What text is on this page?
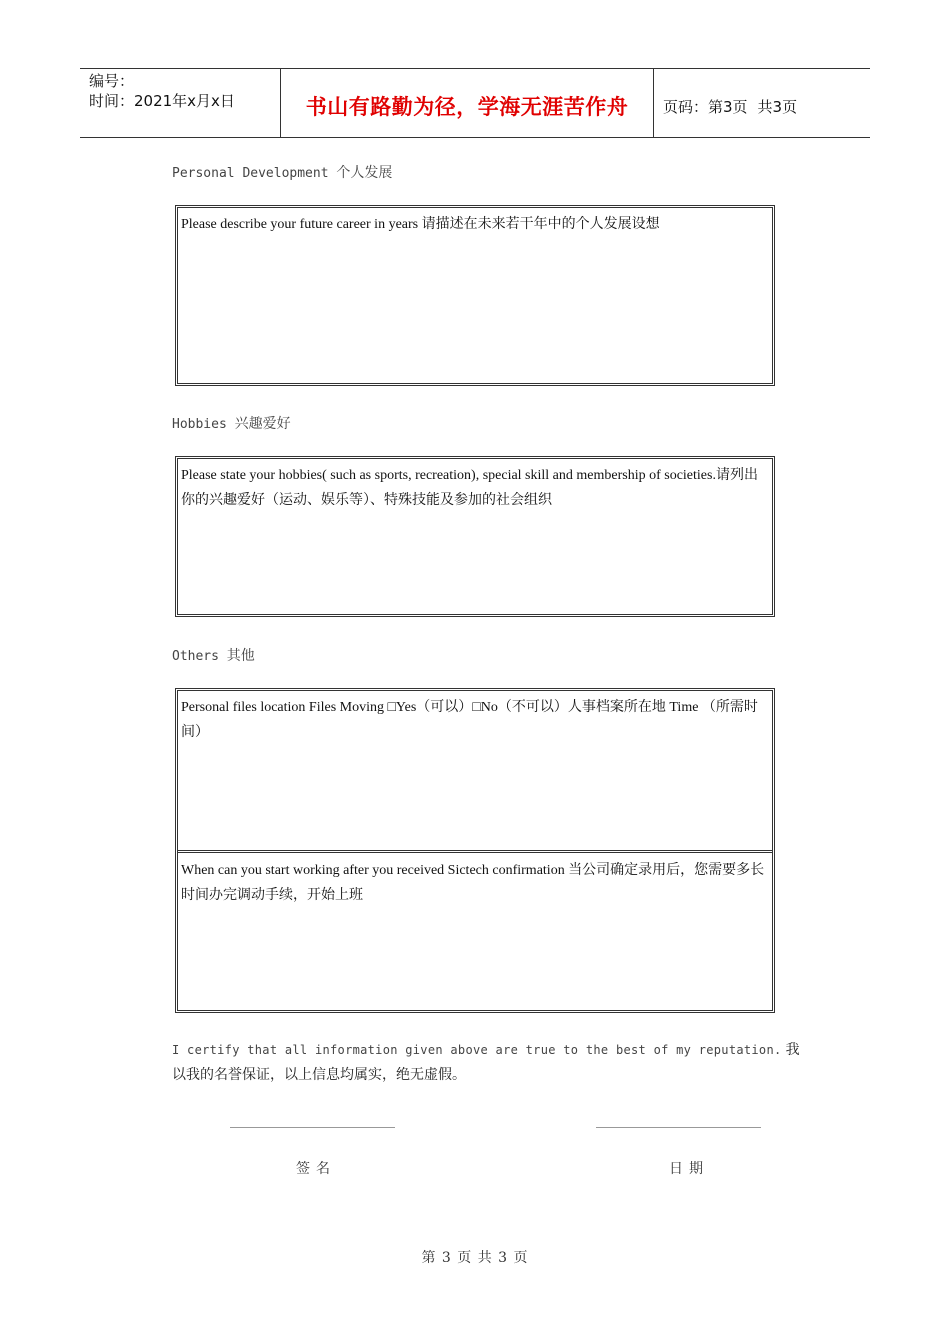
编号：
时间：2021年x月x日	书山有路勤为径，学海无涯苦作舟	页码：第3页 共3页
Personal Development 个人发展
Please describe your future career in years 请描述在未来若干年中的个人发展设想
Hobbies 兴趣爱好
Please state your hobbies( such as sports, recreation), special skill and membership of societies.请列出你的兴趣爱好（运动、娱乐等）、特殊技能及参加的社会组织
Others 其他
Personal files location Files Moving □Yes（可以）□No（不可以）人事档案所在地 Time （所需时间）
When can you start working after you received Sictech confirmation 当公司确定录用后，您需要多长时间办完调动手续，开始上班
I certify that all information given above are true to the best of my reputation. 我以我的名誉保证，以上信息均属实，绝无虚假。
签名	日期
第 3 页 共 3 页
